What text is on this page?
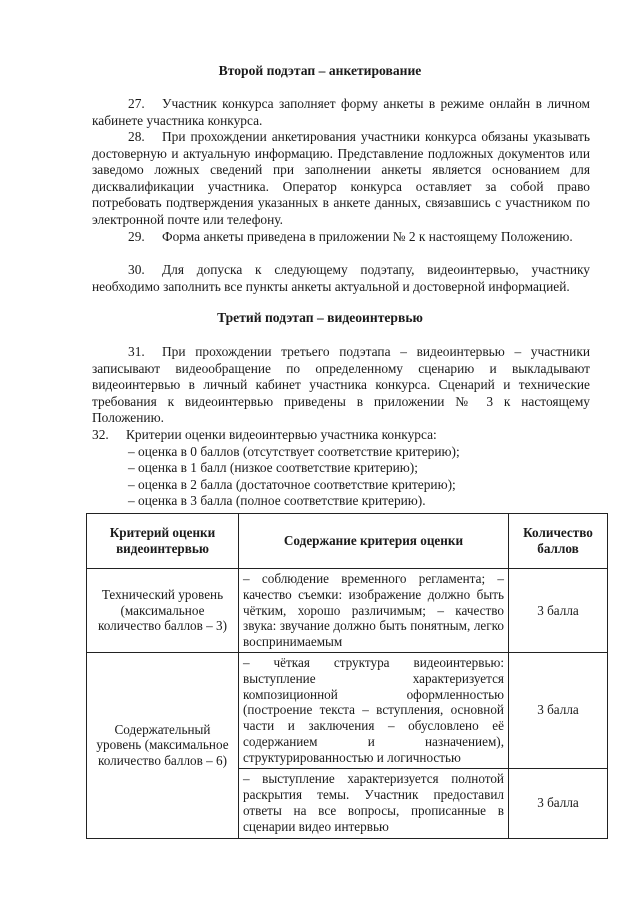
Второй подэтап – анкетирование

27. Участник конкурса заполняет форму анкеты в режиме онлайн в личном кабинете участника конкурса.

28. При прохождении анкетирования участники конкурса обязаны указывать достоверную и актуальную информацию. Представление подложных документов или заведомо ложных сведений при заполнении анкеты является основанием для дисквалификации участника. Оператор конкурса оставляет за собой право потребовать подтверждения указанных в анкете данных, связавшись с участником по электронной почте или телефону.

29. Форма анкеты приведена в приложении № 2 к настоящему Положению.

30. Для допуска к следующему подэтапу, видеоинтервью, участнику необходимо заполнить все пункты анкеты актуальной и достоверной информацией.

Третий подэтап – видеоинтервью

31. При прохождении третьего подэтапа – видеоинтервью – участники записывают видеообращение по определенному сценарию и выкладывают видеоинтервью в личный кабинет участника конкурса. Сценарий и технические требования к видеоинтервью приведены в приложении № 3 к настоящему Положению.

32. Критерии оценки видеоинтервью участника конкурса:
– оценка в 0 баллов (отсутствует соответствие критерию);
– оценка в 1 балл (низкое соответствие критерию);
– оценка в 2 балла (достаточное соответствие критерию);
– оценка в 3 балла (полное соответствие критерию).
Критерий оценки видеоинтервью	Содержание критерия оценки	Количество баллов
Технический уровень (максимальное количество баллов – 3)	– соблюдение временного регламента; – качество съемки: изображение должно быть чётким, хорошо различимым; – качество звука: звучание должно быть понятным, легко воспринимаемым	3 балла
Содержательный уровень (максимальное количество баллов – 6)	– чёткая структура видеоинтервью: выступление характеризуется композиционной оформленностью (построение текста – вступления, основной части и заключения – обусловлено её содержанием и назначением), структурированностью и логичностью	3 балла
	– выступление характеризуется полнотой раскрытия темы. Участник предоставил ответы на все вопросы, прописанные в сценарии видео интервью	3 балла
